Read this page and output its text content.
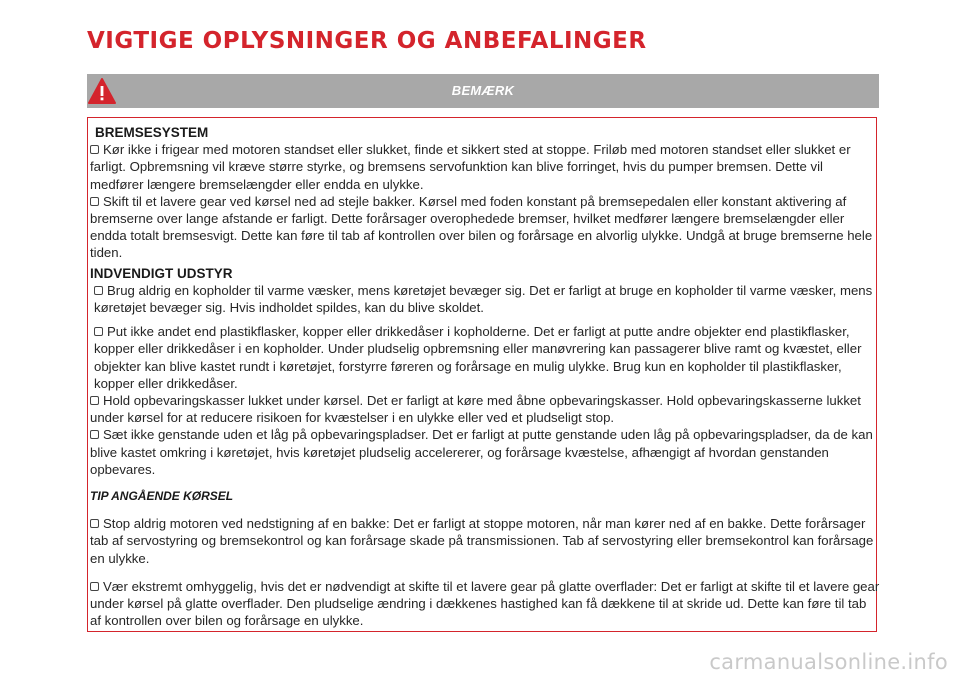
VIGTIGE OPLYSNINGER OG ANBEFALINGER
BEMÆRK

BREMSESYSTEM

Kør ikke i frigear med motoren standset eller slukket, finde et sikkert sted at stoppe. Friløb med motoren standset eller slukket er farligt. Opbremsning vil kræve større styrke, og bremsens servofunktion kan blive forringet, hvis du pumper bremsen. Dette vil medfører længere bremselængder eller endda en ulykke.

Skift til et lavere gear ved kørsel ned ad stejle bakker. Kørsel med foden konstant på bremsepedalen eller konstant aktivering af bremserne over lange afstande er farligt. Dette forårsager overophedede bremser, hvilket medfører længere bremselængder eller endda totalt bremsesvigt. Dette kan føre til tab af kontrollen over bilen og forårsage en alvorlig ulykke. Undgå at bruge bremserne hele tiden.

INDVENDIGT UDSTYR

Brug aldrig en kopholder til varme væsker, mens køretøjet bevæger sig. Det er farligt at bruge en kopholder til varme væsker, mens køretøjet bevæger sig. Hvis indholdet spildes, kan du blive skoldet.

Put ikke andet end plastikflasker, kopper eller drikkedåser i kopholderne. Det er farligt at putte andre objekter end plastikflasker, kopper eller drikkedåser i en kopholder. Under pludselig opbremsning eller manøvrering kan passagerer blive ramt og kvæstet, eller objekter kan blive kastet rundt i køretøjet, forstyrre føreren og forårsage en mulig ulykke. Brug kun en kopholder til plastikflasker, kopper eller drikkedåser.

Hold opbevaringskasser lukket under kørsel. Det er farligt at køre med åbne opbevaringskasser. Hold opbevaringskasserne lukket under kørsel for at reducere risikoen for kvæstelser i en ulykke eller ved et pludseligt stop.

Sæt ikke genstande uden et låg på opbevaringspladser. Det er farligt at putte genstande uden låg på opbevaringspladser, da de kan blive kastet omkring i køretøjet, hvis køretøjet pludselig accelererer, og forårsage kvæstelse, afhængigt af hvordan genstanden opbevares.

TIP ANGÅENDE KØRSEL

Stop aldrig motoren ved nedstigning af en bakke: Det er farligt at stoppe motoren, når man kører ned af en bakke. Dette forårsager tab af servostyring og bremsekontrol og kan forårsage skade på transmissionen. Tab af servostyring eller bremsekontrol kan forårsage en ulykke.

Vær ekstremt omhyggelig, hvis det er nødvendigt at skifte til et lavere gear på glatte overflader: Det er farligt at skifte til et lavere gear under kørsel på glatte overflader. Den pludselige ændring i dækkenes hastighed kan få dækkene til at skride ud. Dette kan føre til tab af kontrollen over bilen og forårsage en ulykke.

carmanualsonline.info
